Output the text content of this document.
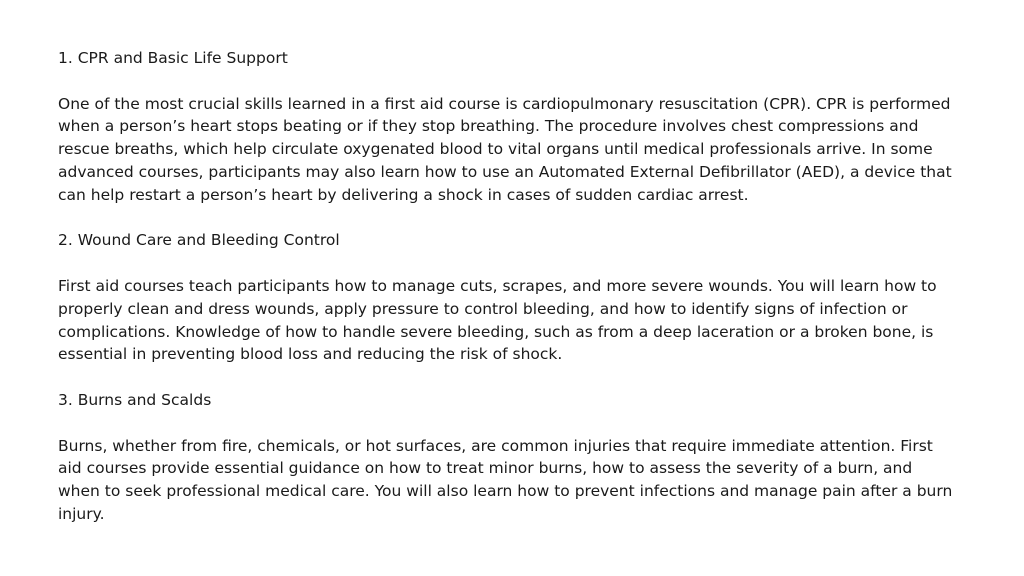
1. CPR and Basic Life Support

One of the most crucial skills learned in a first aid course is cardiopulmonary resuscitation (CPR). CPR is performed when a person’s heart stops beating or if they stop breathing. The procedure involves chest compressions and rescue breaths, which help circulate oxygenated blood to vital organs until medical professionals arrive. In some advanced courses, participants may also learn how to use an Automated External Defibrillator (AED), a device that can help restart a person’s heart by delivering a shock in cases of sudden cardiac arrest.

2. Wound Care and Bleeding Control

First aid courses teach participants how to manage cuts, scrapes, and more severe wounds. You will learn how to properly clean and dress wounds, apply pressure to control bleeding, and how to identify signs of infection or complications. Knowledge of how to handle severe bleeding, such as from a deep laceration or a broken bone, is essential in preventing blood loss and reducing the risk of shock.

3. Burns and Scalds

Burns, whether from fire, chemicals, or hot surfaces, are common injuries that require immediate attention. First aid courses provide essential guidance on how to treat minor burns, how to assess the severity of a burn, and when to seek professional medical care. You will also learn how to prevent infections and manage pain after a burn injury.
